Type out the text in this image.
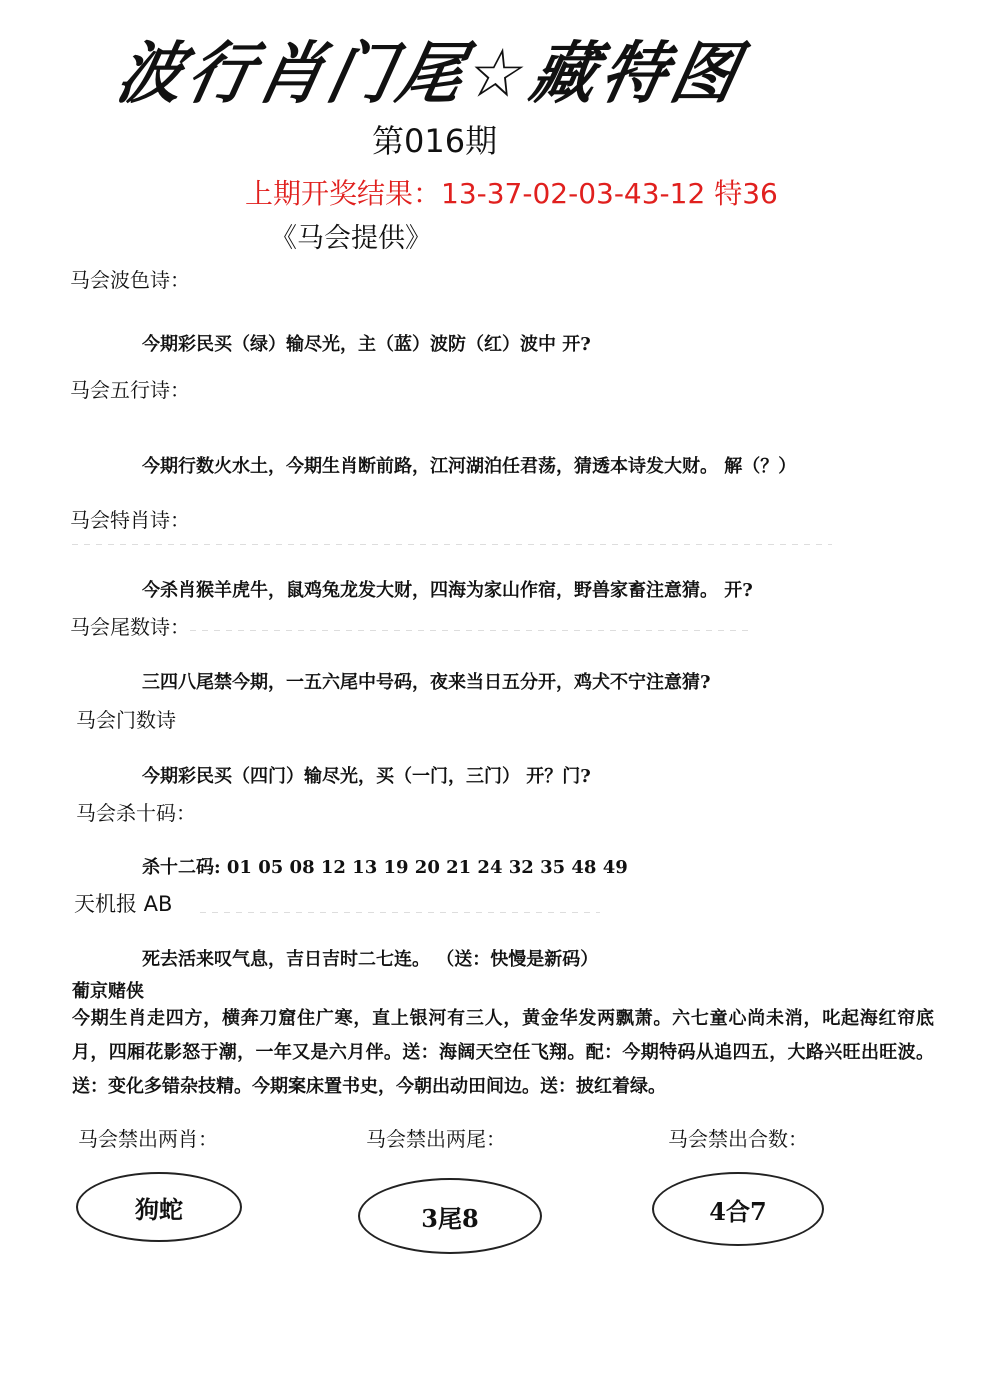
波行肖门尾☆藏特图
第016期
上期开奖结果：13-37-02-03-43-12 特36
《马会提供》
马会波色诗：
今期彩民买（绿）输尽光，主（蓝）波防（红）波中 开?
马会五行诗：
今期行数火水土，今期生肖断前路，江河湖泊任君荡，猜透本诗发大财。 解（？）
马会特肖诗：
今杀肖猴羊虎牛，鼠鸡兔龙发大财，四海为家山作宿，野兽家畜注意猜。 开?
马会尾数诗：
三四八尾禁今期，一五六尾中号码，夜来当日五分开，鸡犬不宁注意猜?
马会门数诗
今期彩民买（四门）输尽光，买（一门，三门） 开？门?
马会杀十码：
杀十二码: 01 05 08 12 13 19 20 21 24 32 35 48 49
天机报 AB
死去活来叹气息，吉日吉时二七连。 （送：快慢是新码）
葡京赌侠
今期生肖走四方，横奔刀窟住广寒，直上银河有三人，黄金华发两飘萧。六七童心尚未消，叱起海红帘底月，四厢花影怒于潮，一年又是六月伴。送：海阔天空任飞翔。配：今期特码从追四五，大路兴旺出旺波。送：变化多错杂技精。今期案床置书史，今朝出动田间边。送：披红着绿。
马会禁出两肖：	马会禁出两尾：	马会禁出合数：
狗蛇	3尾8	4合7
